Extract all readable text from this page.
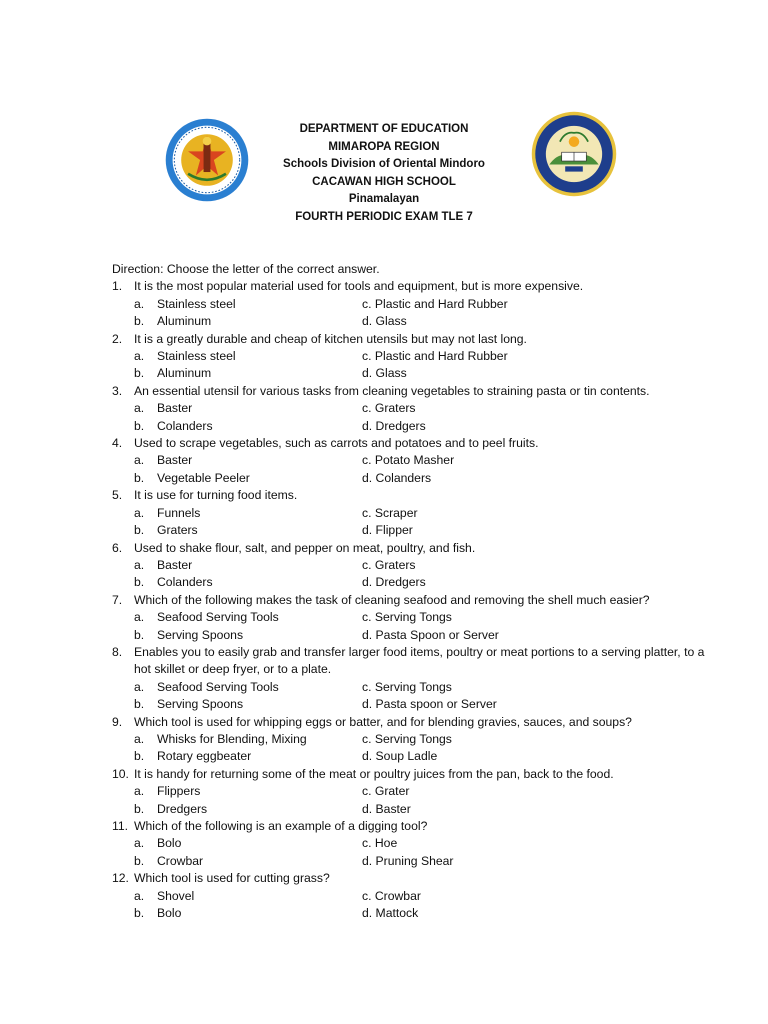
DEPARTMENT OF EDUCATION
MIMAROPA REGION
Schools Division of Oriental Mindoro
CACAWAN HIGH SCHOOL
Pinamalayan
FOURTH PERIODIC EXAM TLE 7
Direction: Choose the letter of the correct answer.
1. It is the most popular material used for tools and equipment, but is more expensive.
a.	Stainless steel	c. Plastic and Hard Rubber
b.	Aluminum	d. Glass
2. It is a greatly durable and cheap of kitchen utensils but may not last long.
a.	Stainless steel	c. Plastic and Hard Rubber
b.	Aluminum	d. Glass
3. An essential utensil for various tasks from cleaning vegetables to straining pasta or tin contents.
a.	Baster	c. Graters
b.	Colanders	d. Dredgers
4. Used to scrape vegetables, such as carrots and potatoes and to peel fruits.
a.	Baster	c. Potato Masher
b.	Vegetable Peeler	d. Colanders
5. It is use for turning food items.
a.	Funnels	c. Scraper
b.	Graters	d. Flipper
6. Used to shake flour, salt, and pepper on meat, poultry, and fish.
a.	Baster	c. Graters
b.	Colanders	d. Dredgers
7. Which of the following makes the task of cleaning seafood and removing the shell much easier?
a.	Seafood Serving Tools	c. Serving Tongs
b.	Serving Spoons	d. Pasta Spoon or Server
8. Enables you to easily grab and transfer larger food items, poultry or meat portions to a serving platter, to a hot skillet or deep fryer, or to a plate.
a.	Seafood Serving Tools	c. Serving Tongs
b.	Serving Spoons	d. Pasta spoon or Server
9. Which tool is used for whipping eggs or batter, and for blending gravies, sauces, and soups?
a.	Whisks for Blending, Mixing	c. Serving Tongs
b.	Rotary eggbeater	d. Soup Ladle
10. It is handy for returning some of the meat or poultry juices from the pan, back to the food.
a.	Flippers	c. Grater
b.	Dredgers	d. Baster
11. Which of the following is an example of a digging tool?
a.	Bolo	c. Hoe
b.	Crowbar	d. Pruning Shear
12. Which tool is used for cutting grass?
a.	Shovel	c. Crowbar
b.	Bolo	d. Mattock
